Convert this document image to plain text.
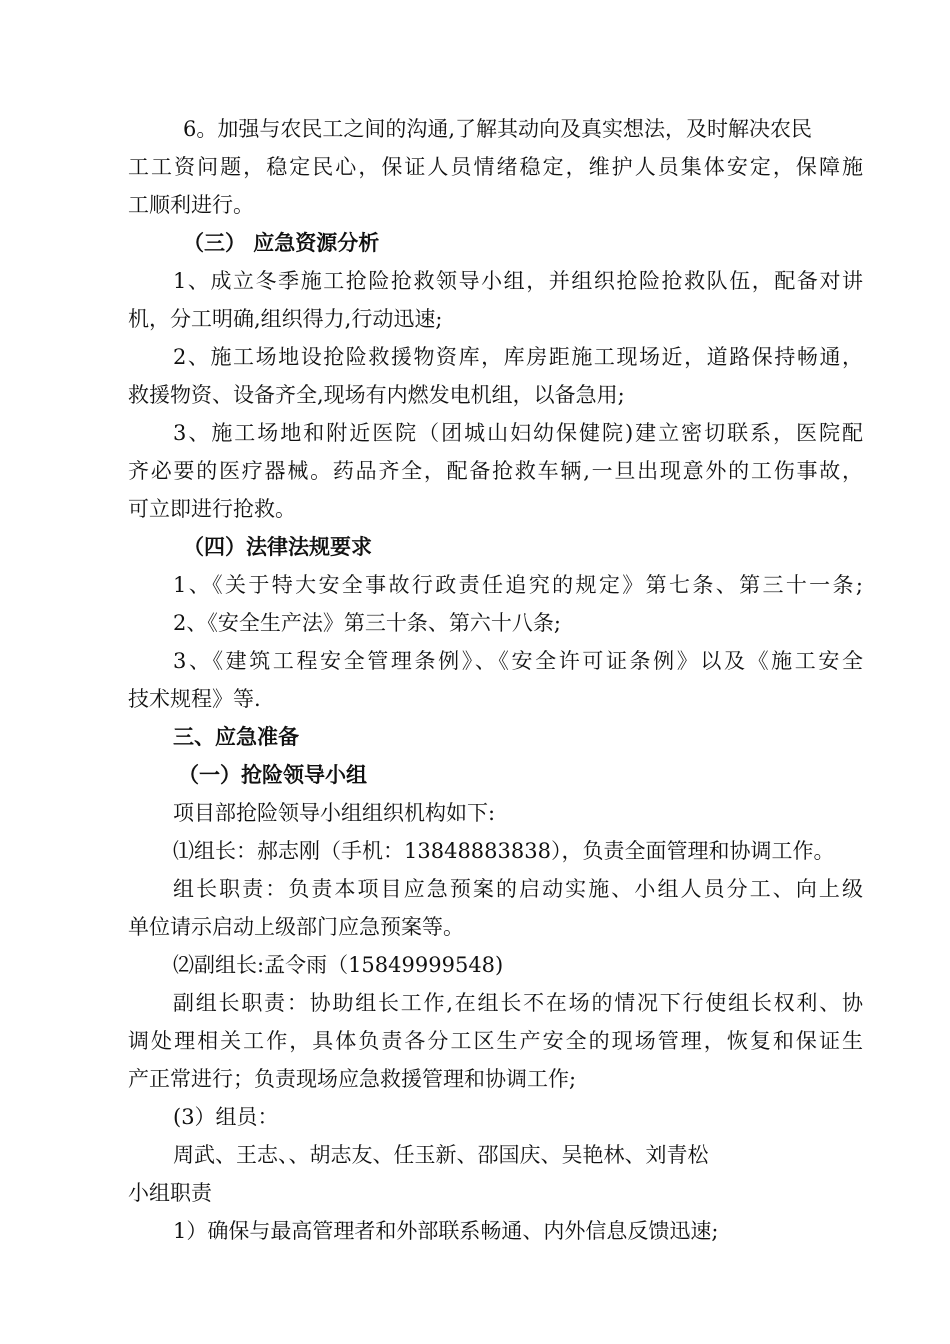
6。加强与农民工之间的沟通,了解其动向及真实想法，及时解决农民
工工资问题，稳定民心，保证人员情绪稳定，维护人员集体安定，保障施
工顺利进行。
（三） 应急资源分析
1、成立冬季施工抢险抢救领导小组，并组织抢险抢救队伍，配备对讲
机，分工明确,组织得力,行动迅速;
2、施工场地设抢险救援物资库，库房距施工现场近，道路保持畅通，
救援物资、设备齐全,现场有内燃发电机组，以备急用;
3、施工场地和附近医院（团城山妇幼保健院)建立密切联系，医院配
齐必要的医疗器械。药品齐全，配备抢救车辆,一旦出现意外的工伤事故，
可立即进行抢救。
（四）法律法规要求
1、《关于特大安全事故行政责任追究的规定》第七条、第三十一条;
2、《安全生产法》第三十条、第六十八条;
3、《建筑工程安全管理条例》、《安全许可证条例》以及《施工安全
技术规程》等.
三、应急准备
（一）抢险领导小组
项目部抢险领导小组组织机构如下:
⑴组长：郝志刚（手机：13848883838），负责全面管理和协调工作。
组长职责：负责本项目应急预案的启动实施、小组人员分工、向上级
单位请示启动上级部门应急预案等。
⑵副组长:孟令雨（15849999548)
副组长职责：协助组长工作,在组长不在场的情况下行使组长权利、协
调处理相关工作，具体负责各分工区生产安全的现场管理，恢复和保证生
产正常进行；负责现场应急救援管理和协调工作;
(3）组员：
周武、王志、、胡志友、任玉新、邵国庆、吴艳林、刘青松
小组职责
1）确保与最高管理者和外部联系畅通、内外信息反馈迅速;
